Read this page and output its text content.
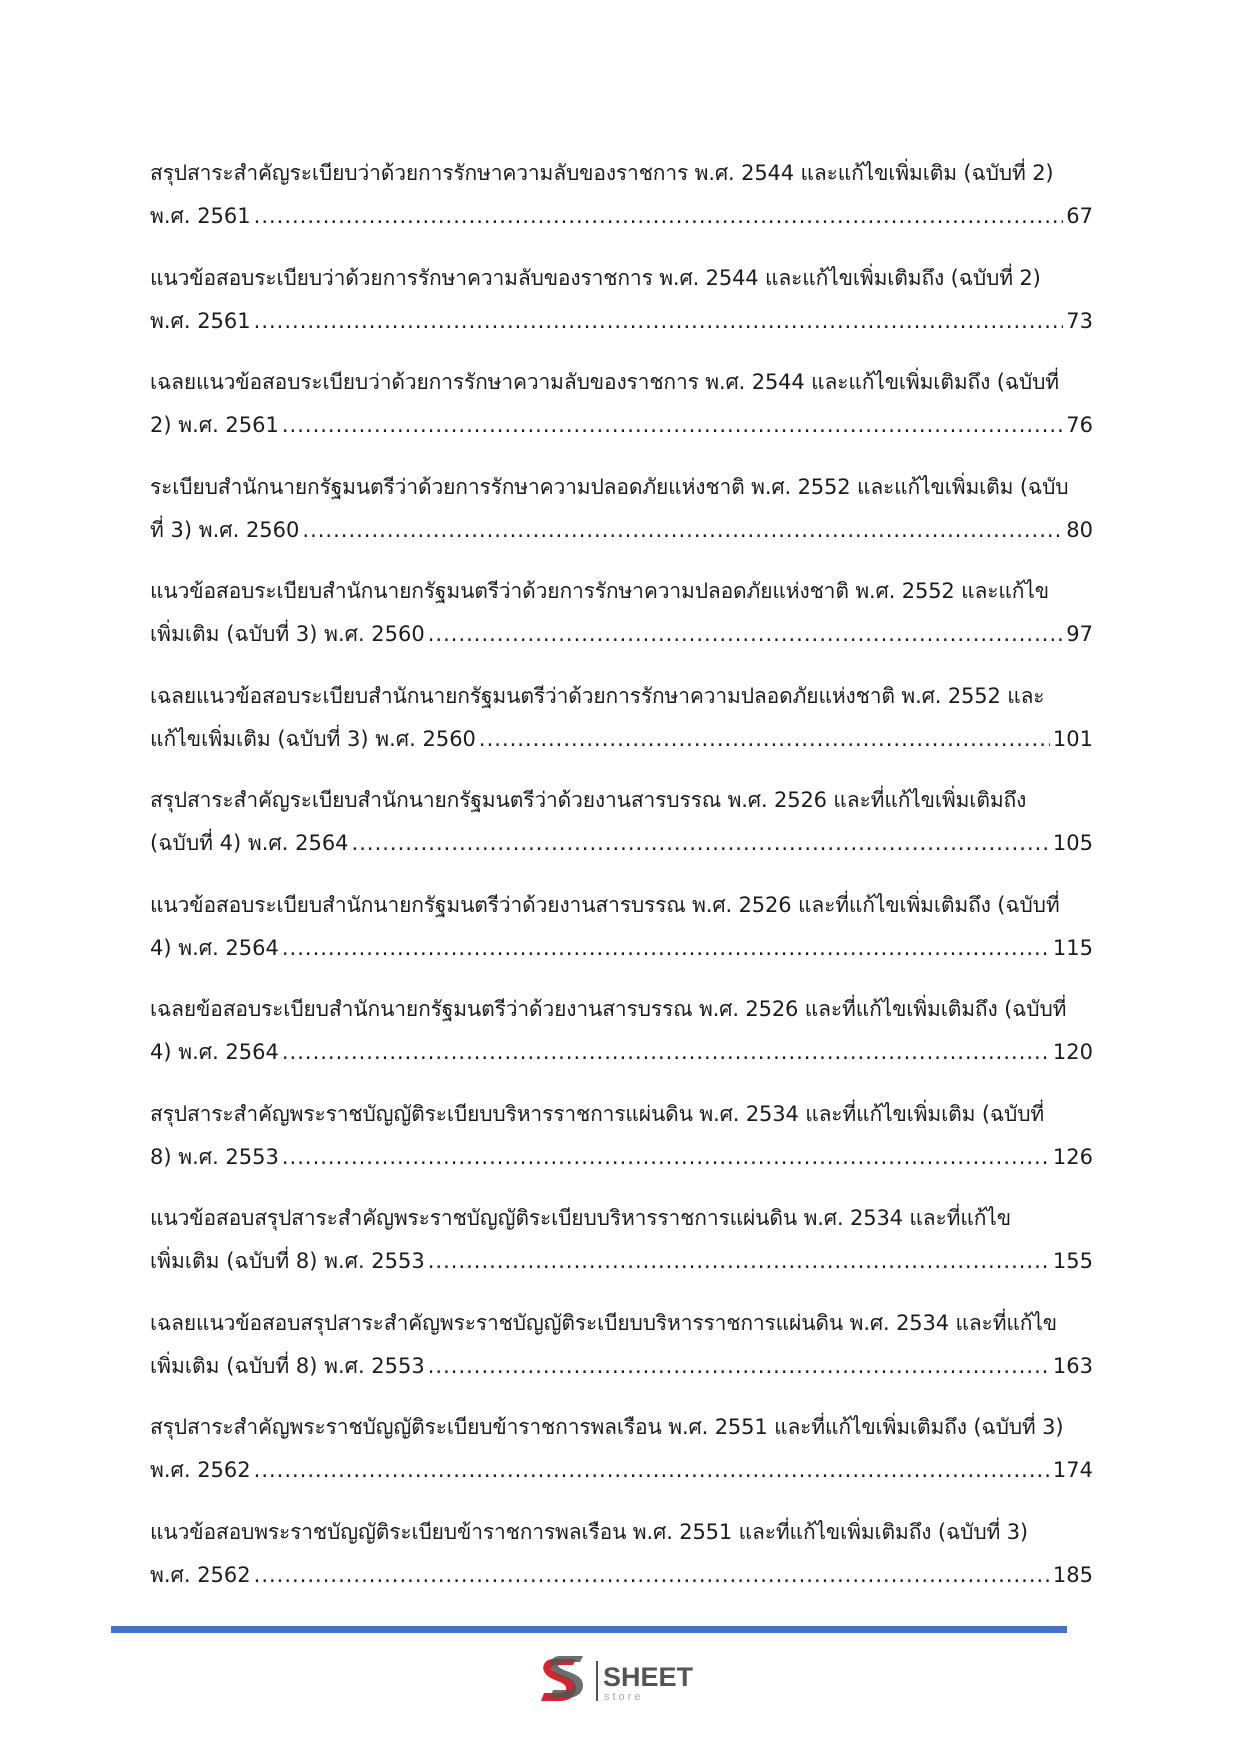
สรุปสาระสำคัญระเบียบว่าด้วยการรักษาความลับของราชการ พ.ศ. 2544 และแก้ไขเพิ่มเติม (ฉบับที่ 2)
พ.ศ. 2561 .....	67
แนวข้อสอบระเบียบว่าด้วยการรักษาความลับของราชการ พ.ศ. 2544 และแก้ไขเพิ่มเติมถึง (ฉบับที่ 2)
พ.ศ. 2561 .....	73
เฉลยแนวข้อสอบระเบียบว่าด้วยการรักษาความลับของราชการ พ.ศ. 2544 และแก้ไขเพิ่มเติมถึง (ฉบับที่
2) พ.ศ. 2561 .....	76
ระเบียบสำนักนายกรัฐมนตรีว่าด้วยการรักษาความปลอดภัยแห่งชาติ พ.ศ. 2552 และแก้ไขเพิ่มเติม (ฉบับ
ที่ 3) พ.ศ. 2560 .....	80
แนวข้อสอบระเบียบสำนักนายกรัฐมนตรีว่าด้วยการรักษาความปลอดภัยแห่งชาติ พ.ศ. 2552 และแก้ไข
เพิ่มเติม (ฉบับที่ 3) พ.ศ. 2560 .....	97
เฉลยแนวข้อสอบระเบียบสำนักนายกรัฐมนตรีว่าด้วยการรักษาความปลอดภัยแห่งชาติ พ.ศ. 2552 และ
แก้ไขเพิ่มเติม (ฉบับที่ 3) พ.ศ. 2560 .....	101
สรุปสาระสำคัญระเบียบสำนักนายกรัฐมนตรีว่าด้วยงานสารบรรณ พ.ศ. 2526 และที่แก้ไขเพิ่มเติมถึง
(ฉบับที่ 4) พ.ศ. 2564 .....	105
แนวข้อสอบระเบียบสำนักนายกรัฐมนตรีว่าด้วยงานสารบรรณ พ.ศ. 2526 และที่แก้ไขเพิ่มเติมถึง (ฉบับที่
4) พ.ศ. 2564 .....	115
เฉลยข้อสอบระเบียบสำนักนายกรัฐมนตรีว่าด้วยงานสารบรรณ พ.ศ. 2526 และที่แก้ไขเพิ่มเติมถึง (ฉบับที่
4) พ.ศ. 2564 .....	120
สรุปสาระสำคัญพระราชบัญญัติระเบียบบริหารราชการแผ่นดิน พ.ศ. 2534 และที่แก้ไขเพิ่มเติม (ฉบับที่
8) พ.ศ. 2553 .....	126
แนวข้อสอบสรุปสาระสำคัญพระราชบัญญัติระเบียบบริหารราชการแผ่นดิน พ.ศ. 2534 และที่แก้ไข
เพิ่มเติม (ฉบับที่ 8) พ.ศ. 2553 .....	155
เฉลยแนวข้อสอบสรุปสาระสำคัญพระราชบัญญัติระเบียบบริหารราชการแผ่นดิน พ.ศ. 2534 และที่แก้ไข
เพิ่มเติม (ฉบับที่ 8) พ.ศ. 2553 .....	163
สรุปสาระสำคัญพระราชบัญญัติระเบียบข้าราชการพลเรือน พ.ศ. 2551 และที่แก้ไขเพิ่มเติมถึง (ฉบับที่ 3)
พ.ศ. 2562 .....	174
แนวข้อสอบพระราชบัญญัติระเบียบข้าราชการพลเรือน พ.ศ. 2551 และที่แก้ไขเพิ่มเติมถึง (ฉบับที่ 3)
พ.ศ. 2562 .....	185
SHEET
store
